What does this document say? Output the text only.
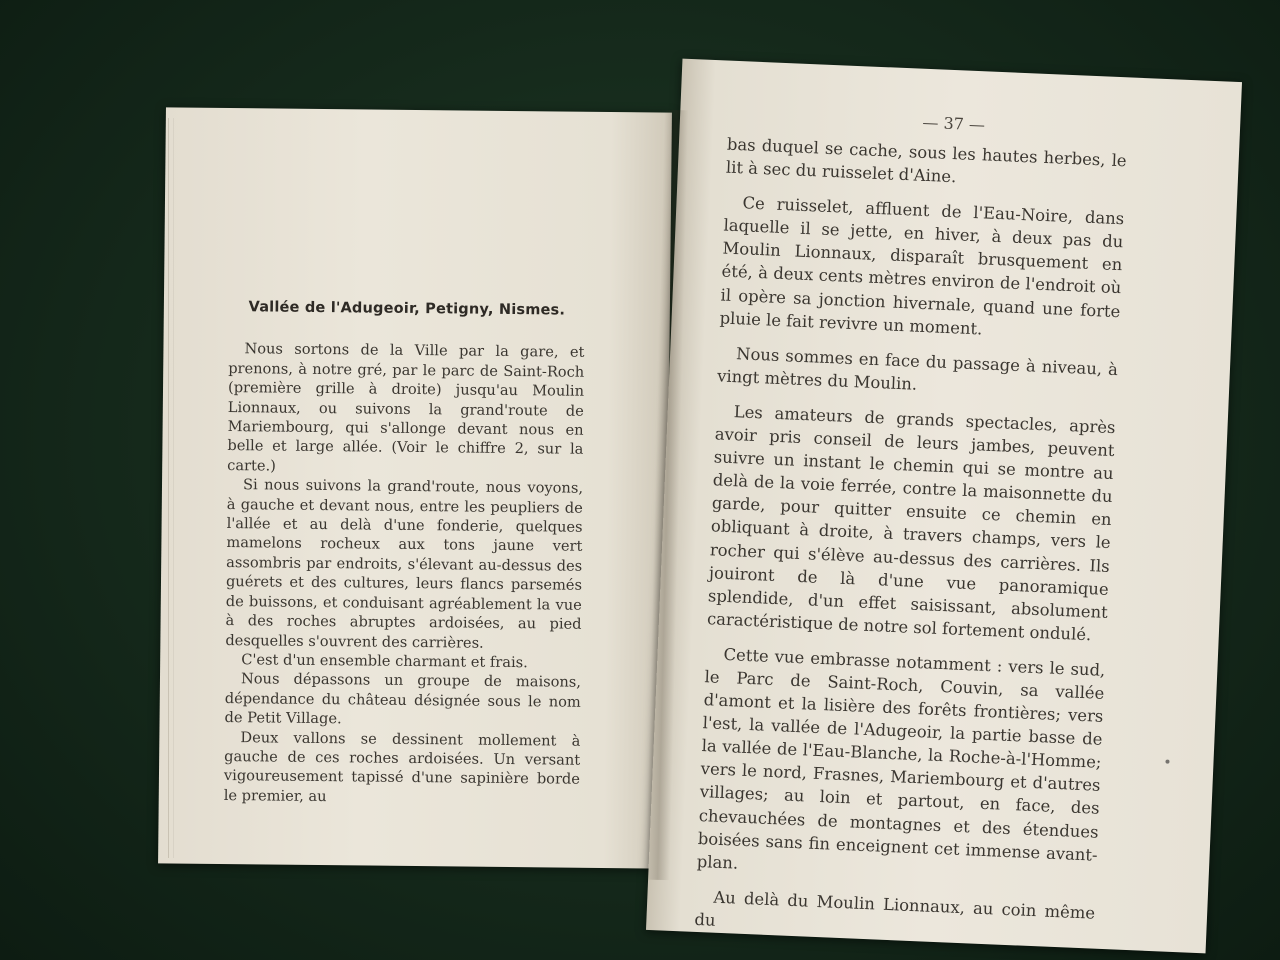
Vallée de l'Adugeoir, Petigny, Nismes.

Nous sortons de la Ville par la gare, et prenons, à notre gré, par le parc de Saint-Roch (première grille à droite) jusqu'au Moulin Lionnaux, ou suivons la grand'route de Mariembourg, qui s'allonge devant nous en belle et large allée. (Voir le chiffre 2, sur la carte.)

Si nous suivons la grand'route, nous voyons, à gauche et devant nous, entre les peupliers de l'allée et au delà d'une fonderie, quelques mamelons rocheux aux tons jaune vert assombris par endroits, s'élevant au-dessus des guérets et des cultures, leurs flancs parsemés de buissons, et conduisant agréablement la vue à des roches abruptes ardoisées, au pied desquelles s'ouvrent des carrières.

C'est d'un ensemble charmant et frais.

Nous dépassons un groupe de maisons, dépendance du château désignée sous le nom de Petit Village.

Deux vallons se dessinent mollement à gauche de ces roches ardoisées. Un versant vigoureusement tapissé d'une sapinière borde le premier, au

— 37 —

bas duquel se cache, sous les hautes herbes, le lit à sec du ruisselet d'Aine.

Ce ruisselet, affluent de l'Eau-Noire, dans laquelle il se jette, en hiver, à deux pas du Moulin Lionnaux, disparaît brusquement en été, à deux cents mètres environ de l'endroit où il opère sa jonction hivernale, quand une forte pluie le fait revivre un moment.

Nous sommes en face du passage à niveau, à vingt mètres du Moulin.

Les amateurs de grands spectacles, après avoir pris conseil de leurs jambes, peuvent suivre un instant le chemin qui se montre au delà de la voie ferrée, contre la maisonnette du garde, pour quitter ensuite ce chemin en obliquant à droite, à travers champs, vers le rocher qui s'élève au-dessus des carrières. Ils jouiront de là d'une vue panoramique splendide, d'un effet saisissant, absolument caractéristique de notre sol fortement ondulé.

Cette vue embrasse notamment : vers le sud, le Parc de Saint-Roch, Couvin, sa vallée d'amont et la lisière des forêts frontières; vers l'est, la vallée de l'Adugeoir, la partie basse de la vallée de l'Eau-Blanche, la Roche-à-l'Homme; vers le nord, Frasnes, Mariembourg et d'autres villages; au loin et partout, en face, des chevauchées de montagnes et des étendues boisées sans fin enceignent cet immense avant-plan.

Au delà du Moulin Lionnaux, au coin même du
